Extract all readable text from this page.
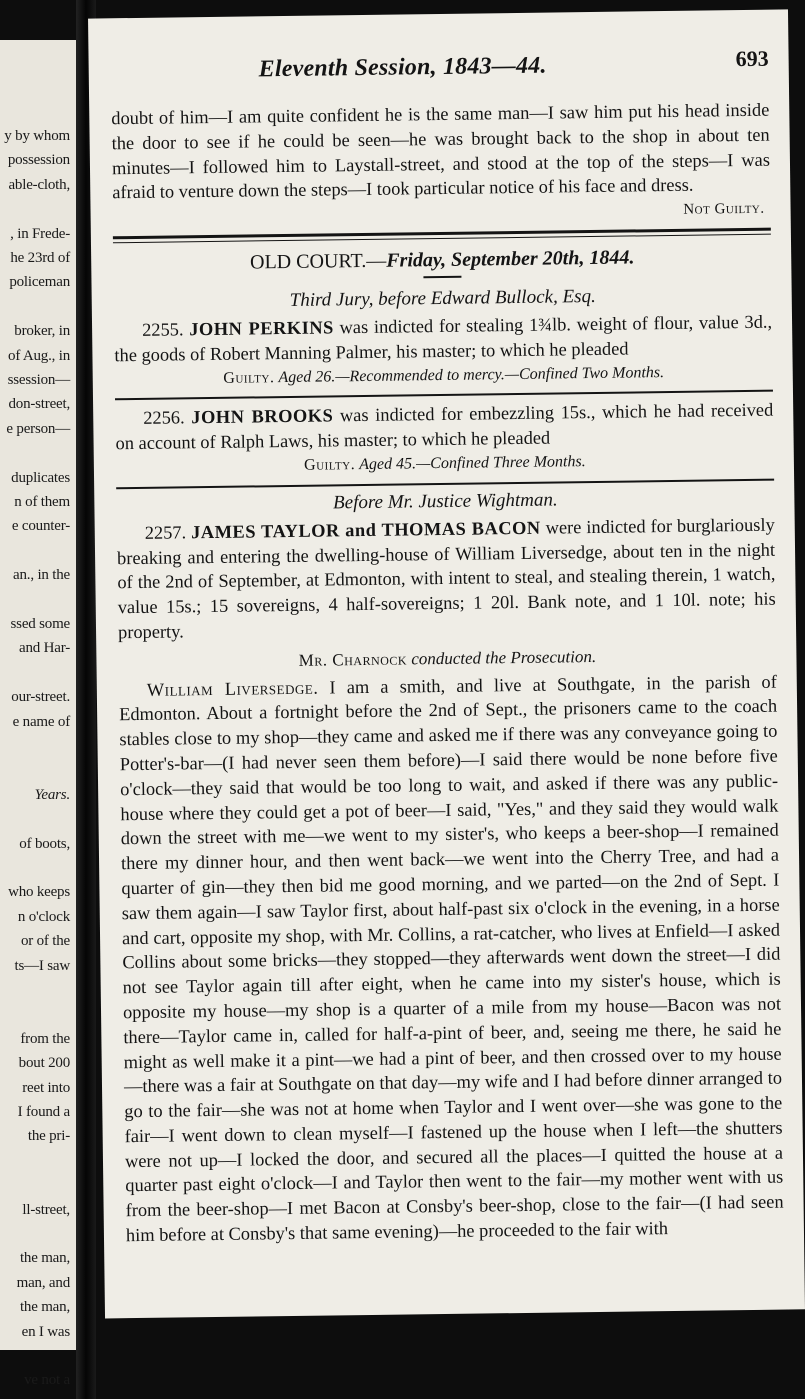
y by whom
possession
able-cloth,
, in Frede-
he 23rd of
policeman
broker, in
of Aug., in
ssession—
don-street,
e person—
duplicates
n of them
e counter-
an., in the
ssed some
and Har-
our-street.
e name of
Years.
of boots,
who keeps
n o'clock
or of the
ts—I saw
from the
bout 200
reet into
I found a
the pri-
ll-street,
the man,
man, and
the man,
en I was
ve not a
Eleventh Session, 1843—44.	693

doubt of him—I am quite confident he is the same man—I saw him put his head inside the door to see if he could be seen—he was brought back to the shop in about ten minutes—I followed him to Laystall-street, and stood at the top of the steps—I was afraid to venture down the steps—I took particular notice of his face and dress.

Not Guilty.

OLD COURT.—Friday, September 20th, 1844.
Third Jury, before Edward Bullock, Esq.

2255. JOHN PERKINS was indicted for stealing 1¾lb. weight of flour, value 3d., the goods of Robert Manning Palmer, his master; to which he pleaded

Guilty. Aged 26.—Recommended to mercy.—Confined Two Months.

2256. JOHN BROOKS was indicted for embezzling 15s., which he had received on account of Ralph Laws, his master; to which he pleaded

Guilty. Aged 45.—Confined Three Months.

Before Mr. Justice Wightman.

2257. JAMES TAYLOR and THOMAS BACON were indicted for burglariously breaking and entering the dwelling-house of William Liversedge, about ten in the night of the 2nd of September, at Edmonton, with intent to steal, and stealing therein, 1 watch, value 15s.; 15 sovereigns, 4 half-sovereigns; 1 20l. Bank note, and 1 10l. note; his property.

Mr. Charnock conducted the Prosecution.

William Liversedge. I am a smith, and live at Southgate, in the parish of Edmonton. About a fortnight before the 2nd of Sept., the prisoners came to the coach stables close to my shop—they came and asked me if there was any conveyance going to Potter's-bar—(I had never seen them before)—I said there would be none before five o'clock—they said that would be too long to wait, and asked if there was any public-house where they could get a pot of beer—I said, "Yes," and they said they would walk down the street with me—we went to my sister's, who keeps a beer-shop—I remained there my dinner hour, and then went back—we went into the Cherry Tree, and had a quarter of gin—they then bid me good morning, and we parted—on the 2nd of Sept. I saw them again—I saw Taylor first, about half-past six o'clock in the evening, in a horse and cart, opposite my shop, with Mr. Collins, a rat-catcher, who lives at Enfield—I asked Collins about some bricks—they stopped—they afterwards went down the street—I did not see Taylor again till after eight, when he came into my sister's house, which is opposite my house—my shop is a quarter of a mile from my house—Bacon was not there—Taylor came in, called for half-a-pint of beer, and, seeing me there, he said he might as well make it a pint—we had a pint of beer, and then crossed over to my house—there was a fair at Southgate on that day—my wife and I had before dinner arranged to go to the fair—she was not at home when Taylor and I went over—she was gone to the fair—I went down to clean myself—I fastened up the house when I left—the shutters were not up—I locked the door, and secured all the places—I quitted the house at a quarter past eight o'clock—I and Taylor then went to the fair—my mother went with us from the beer-shop—I met Bacon at Consby's beer-shop, close to the fair—(I had seen him before at Consby's that same evening)—he proceeded to the fair with
